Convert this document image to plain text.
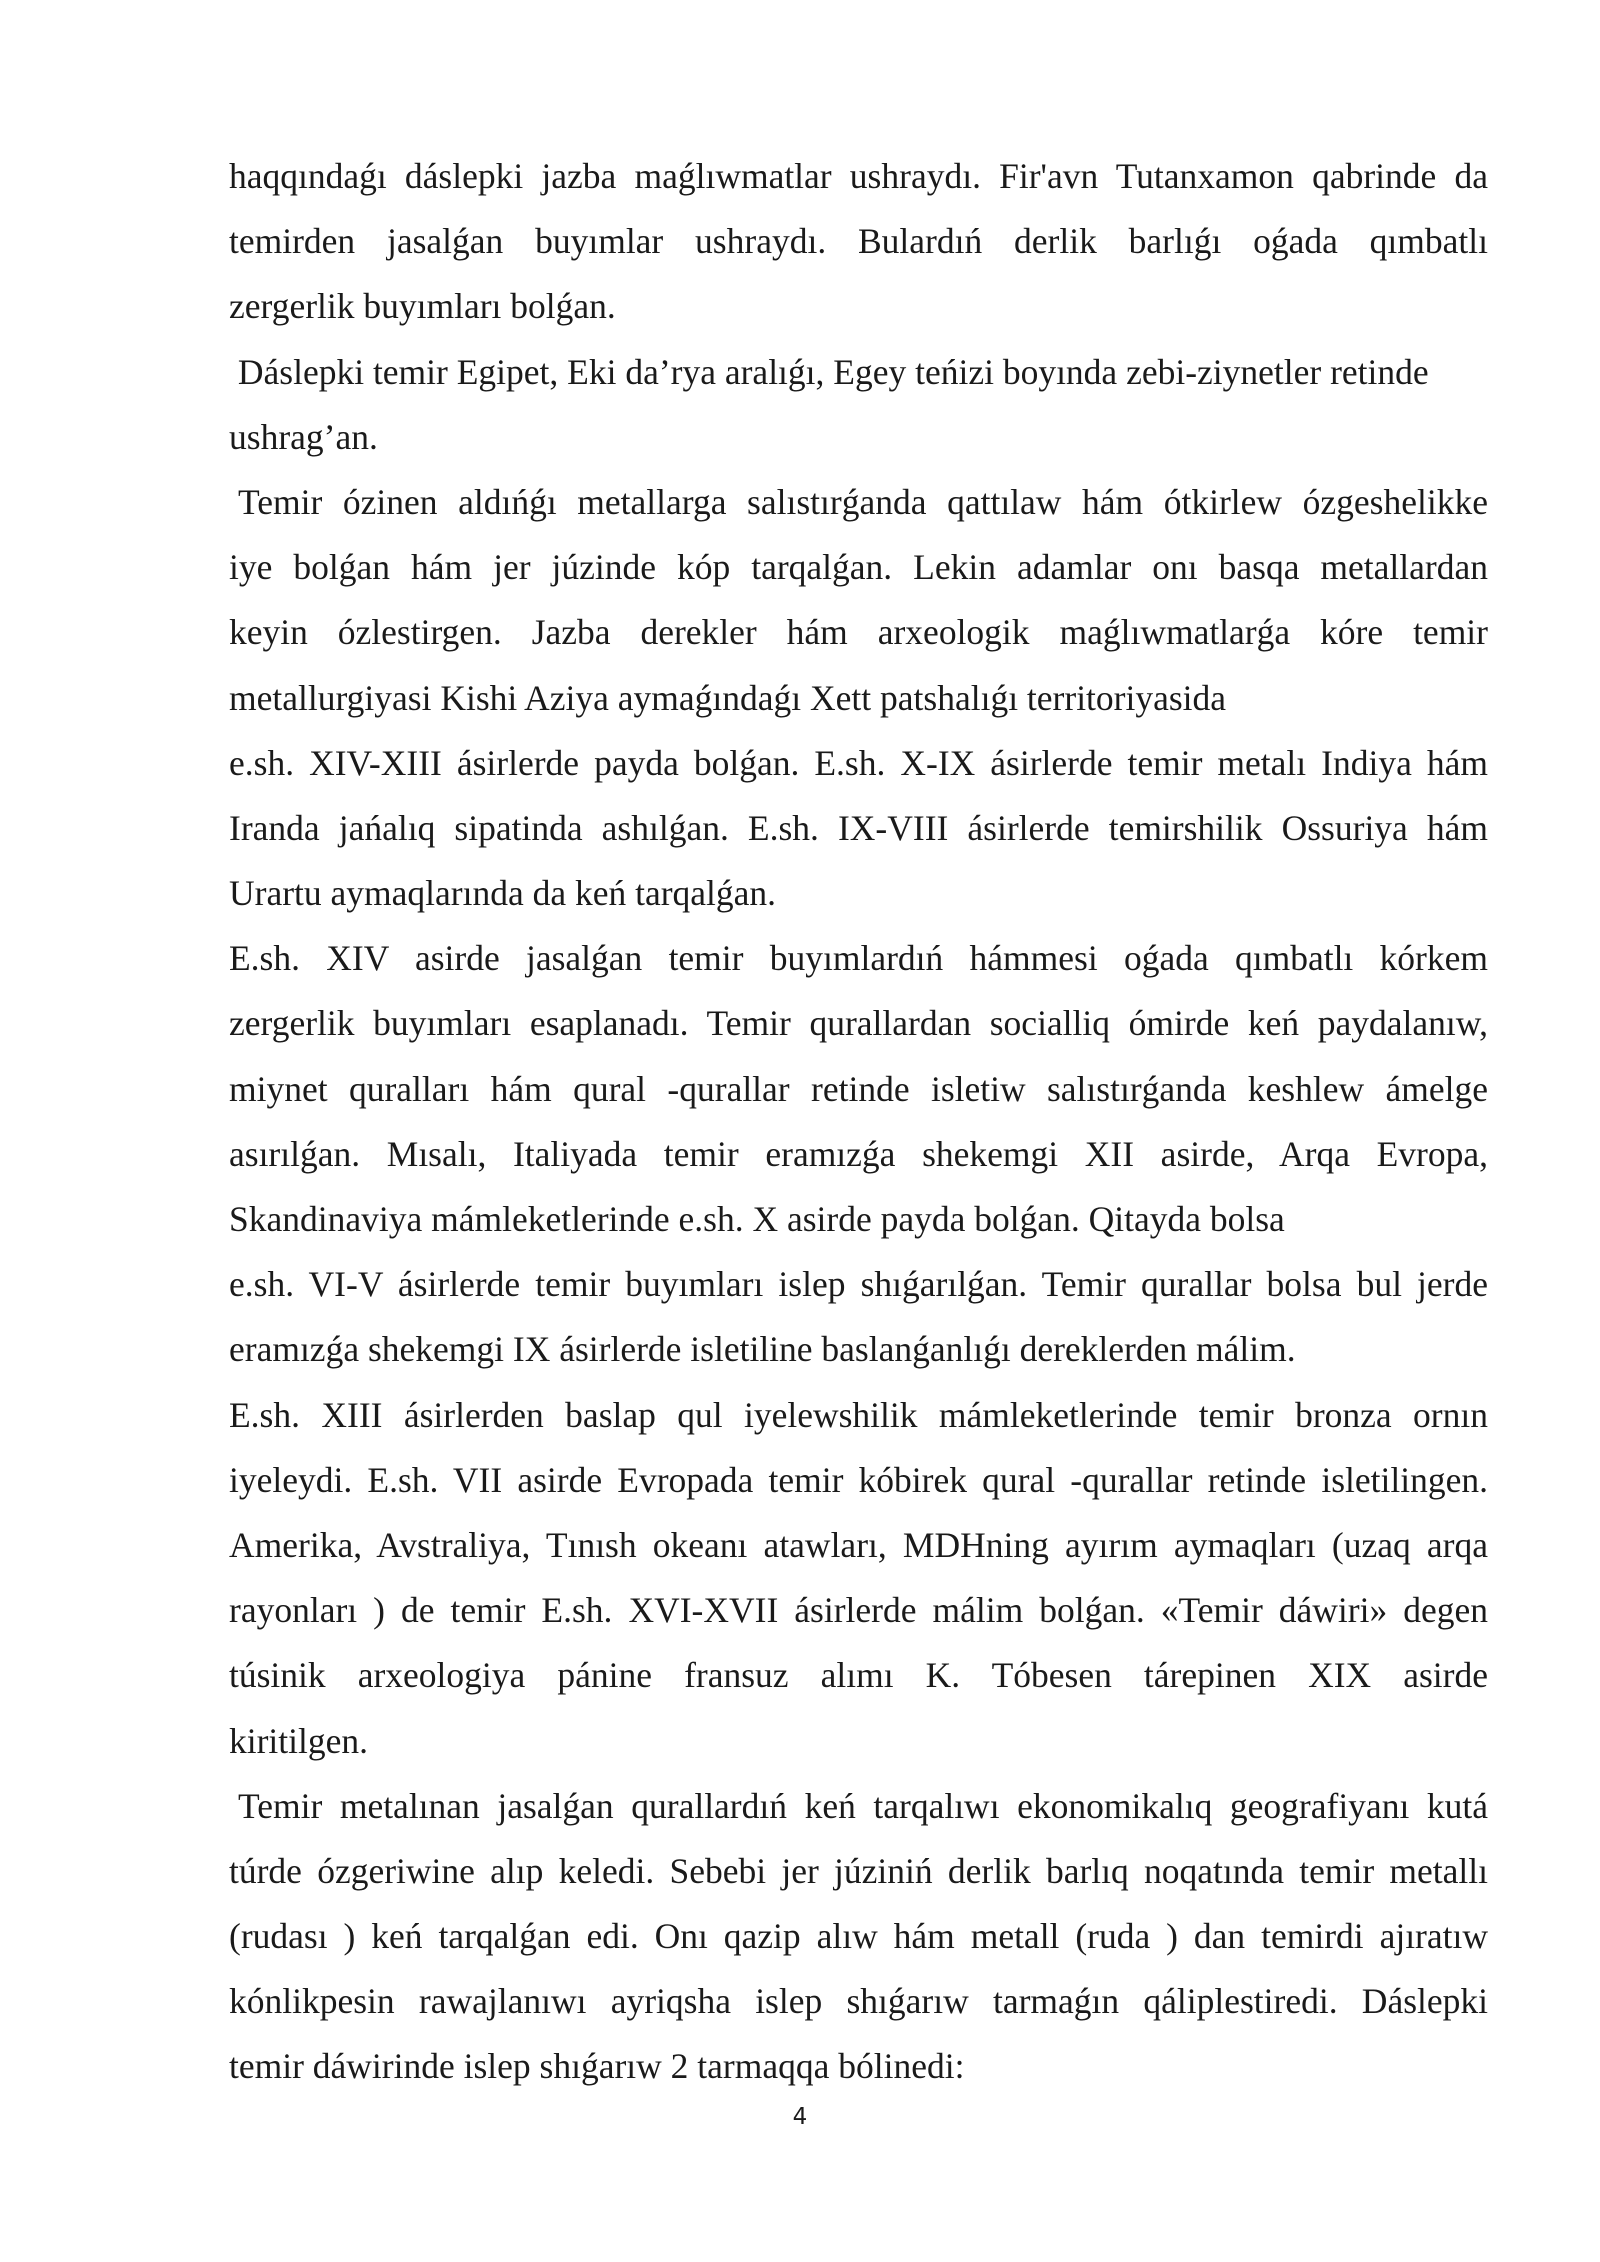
haqqındaǵı dáslepki jazba maǵlıwmatlar ushraydı. Fir'avn Tutanxamon qabrinde da
temirden jasalǵan buyımlar ushraydı. Bulardıń derlik barlıǵı oǵada qımbatlı
zergerlik buyımları bolǵan.
Dáslepki temir Egipet, Eki da’rya aralıǵı, Egey teńizi boyında zebi-ziynetler retinde
ushrag’an.
Temir ózinen aldıńǵı metallarga salıstırǵanda qattılaw hám ótkirlew ózgeshelikke
iye bolǵan hám jer júzinde kóp tarqalǵan. Lekin adamlar onı basqa metallardan
keyin ózlestirgen. Jazba derekler hám arxeologik maǵlıwmatlarǵa kóre temir
metallurgiyasi Kishi Aziya aymaǵındaǵı Xett patshalıǵı territoriyasida
e.sh. XIV-XIII ásirlerde payda bolǵan. E.sh. X-IX ásirlerde temir metalı Indiya hám
Iranda jańalıq sipatinda ashılǵan. E.sh. IX-VIII ásirlerde temirshilik Ossuriya hám
Urartu aymaqlarında da keń tarqalǵan.
E.sh. XIV asirde jasalǵan temir buyımlardıń hámmesi oǵada qımbatlı kórkem
zergerlik buyımları esaplanadı. Temir qurallardan socialliq ómirde keń paydalanıw,
miynet quralları hám qural -qurallar retinde isletiw salıstırǵanda keshlew ámelge
asırılǵan. Mısalı, Italiyada temir eramızǵa shekemgi XII asirde, Arqa Evropa,
Skandinaviya mámleketlerinde e.sh. X asirde payda bolǵan. Qitayda bolsa
e.sh. VI-V ásirlerde temir buyımları islep shıǵarılǵan. Temir qurallar bolsa bul jerde
eramızǵa shekemgi IX ásirlerde isletiline baslanǵanlıǵı dereklerden málim.
E.sh. XIII ásirlerden baslap qul iyelewshilik mámleketlerinde temir bronza ornın
iyeleydi. E.sh. VII asirde Evropada temir kóbirek qural -qurallar retinde isletilingen.
Amerika, Avstraliya, Tınısh okeanı atawları, MDHning ayırım aymaqları (uzaq arqa
rayonları ) de temir E.sh. XVI-XVII ásirlerde málim bolǵan. «Temir dáwiri» degen
túsinik arxeologiya pánine fransuz alımı K. Tóbesen tárepinen XIX asirde
kiritilgen.
Temir metalınan jasalǵan qurallardıń keń tarqalıwı ekonomikalıq geografiyanı kutá
túrde ózgeriwine alıp keledi. Sebebi jer júziniń derlik barlıq noqatında temir metallı
(rudası ) keń tarqalǵan edi. Onı qazip alıw hám metall (ruda ) dan temirdi ajıratıw
kónlikpesin rawajlanıwı ayriqsha islep shıǵarıw tarmaǵın qáliplestiredi. Dáslepki
temir dáwirinde islep shıǵarıw 2 tarmaqqa bólinedi:
4
